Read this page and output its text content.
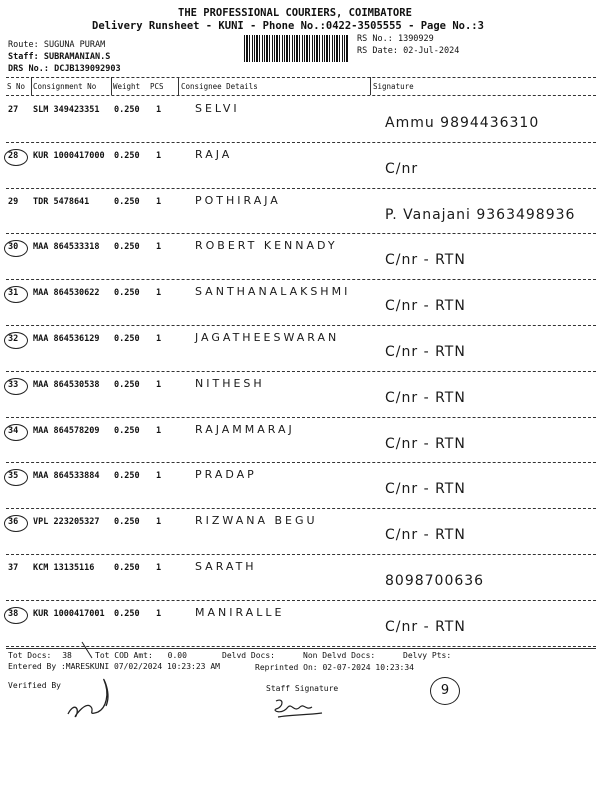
THE PROFESSIONAL COURIERS, COIMBATORE
Delivery Runsheet - KUNI - Phone No.:0422-3505555 - Page No.:3
Route: SUGUNA PURAM
Staff: SUBRAMANIAN.S
DRS No.: DCJB139092903
RS No.: 1390929
RS Date: 02-Jul-2024
S No Consignment No Weight PCS Consignee Details	Signature
27 SLM 349423351 0.250 1	SELVI
Ammu 9894436310
28 KUR 1000417000 0.250 1	RAJA
C/nr
29 TDR 5478641	0.250 1	POTHIRAJA
P. Vanajani 9363498936
30 MAA 864533318 0.250 1	ROBERT KENNADY
C/nr - RTN
31 MAA 864530622 0.250 1	SANTHANALAKSHMI
C/nr - RTN
32 MAA 864536129 0.250 1	JAGATHEESWARAN
C/nr - RTN
33 MAA 864530538 0.250 1	NITHESH
C/nr - RTN
34 MAA 864578209 0.250 1	RAJAMMARAJ
C/nr - RTN
35 MAA 864533884 0.250 1	PRADAP
C/nr - RTN
36 VPL 223205327 0.250 1	RIZWANA BEGU
C/nr - RTN
37 KCM 13135116 0.250 1	SARATH
8098700636
38 KUR 1000417001 0.250 1	MANIRALLE
C/nr - RTN
Tot Docs: 38	Tot COD Amt: 0.00	Delvd Docs:	Non Delvd Docs:	Delvy Pts:
Entered By :MARESKUNI 07/02/2024 10:23:23 AM	Reprinted On: 02-07-2024 10:23:34
Verified By	Staff Signature	9
